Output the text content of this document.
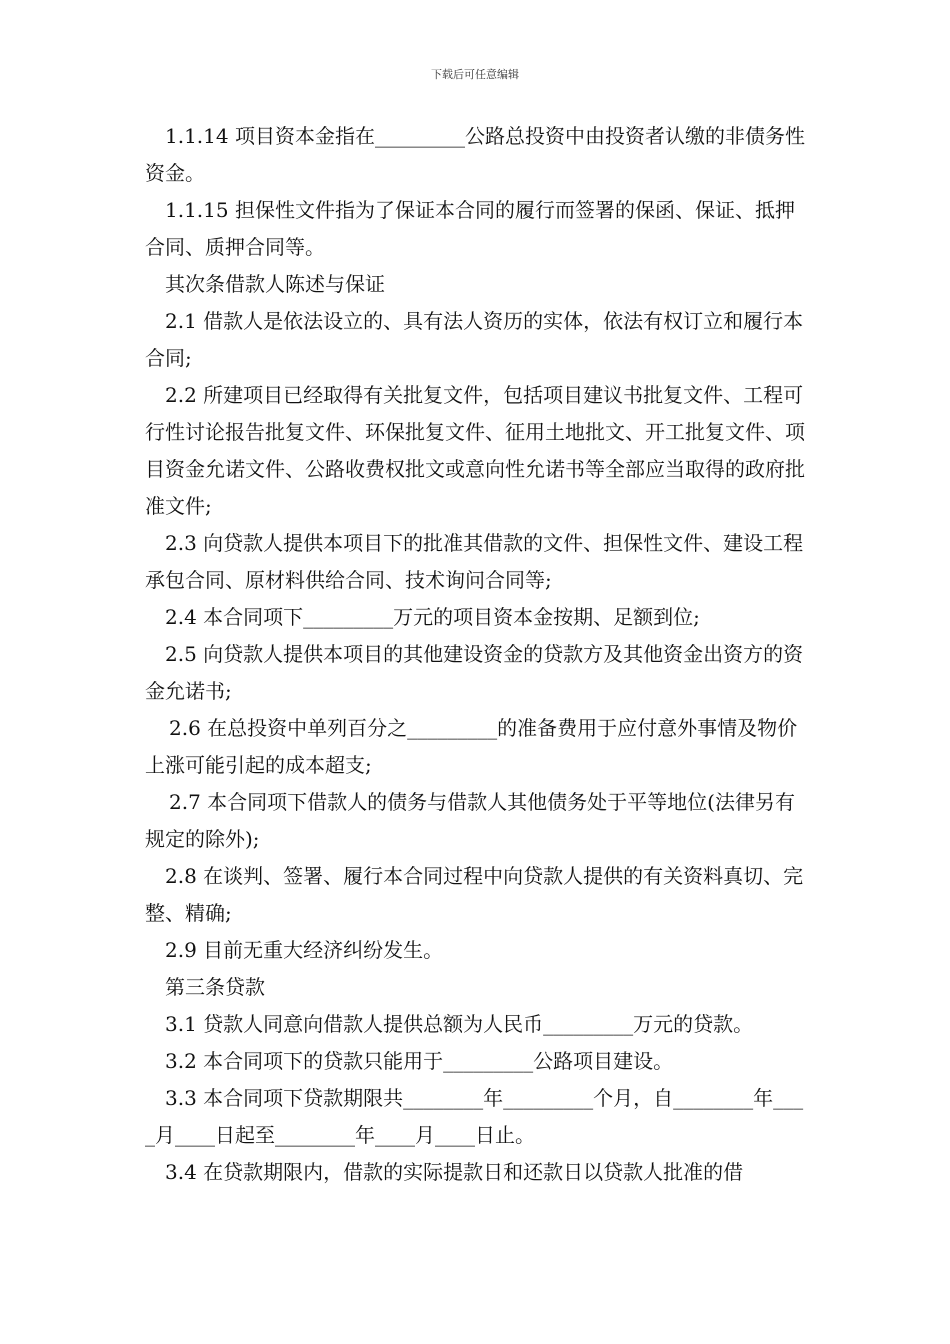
下载后可任意编辑

1.1.14 项目资本金指在_________公路总投资中由投资者认缴的非债务性资金。

1.1.15 担保性文件指为了保证本合同的履行而签署的保函、保证、抵押合同、质押合同等。

其次条借款人陈述与保证

2.1 借款人是依法设立的、具有法人资历的实体，依法有权订立和履行本合同;

2.2 所建项目已经取得有关批复文件，包括项目建议书批复文件、工程可行性讨论报告批复文件、环保批复文件、征用土地批文、开工批复文件、项目资金允诺文件、公路收费权批文或意向性允诺书等全部应当取得的政府批准文件;

2.3 向贷款人提供本项目下的批准其借款的文件、担保性文件、建设工程承包合同、原材料供给合同、技术询问合同等;

2.4 本合同项下_________万元的项目资本金按期、足额到位;

2.5 向贷款人提供本项目的其他建设资金的贷款方及其他资金出资方的资金允诺书;

2.6 在总投资中单列百分之_________的准备费用于应付意外事情及物价上涨可能引起的成本超支;

2.7 本合同项下借款人的债务与借款人其他债务处于平等地位(法律另有规定的除外);

2.8 在谈判、签署、履行本合同过程中向贷款人提供的有关资料真切、完整、精确;

2.9 目前无重大经济纠纷发生。

第三条贷款

3.1 贷款人同意向借款人提供总额为人民币_________万元的贷款。

3.2 本合同项下的贷款只能用于_________公路项目建设。

3.3 本合同项下贷款期限共________年_________个月，自________年____月____日起至________年____月____日止。

3.4 在贷款期限内，借款的实际提款日和还款日以贷款人批准的借
